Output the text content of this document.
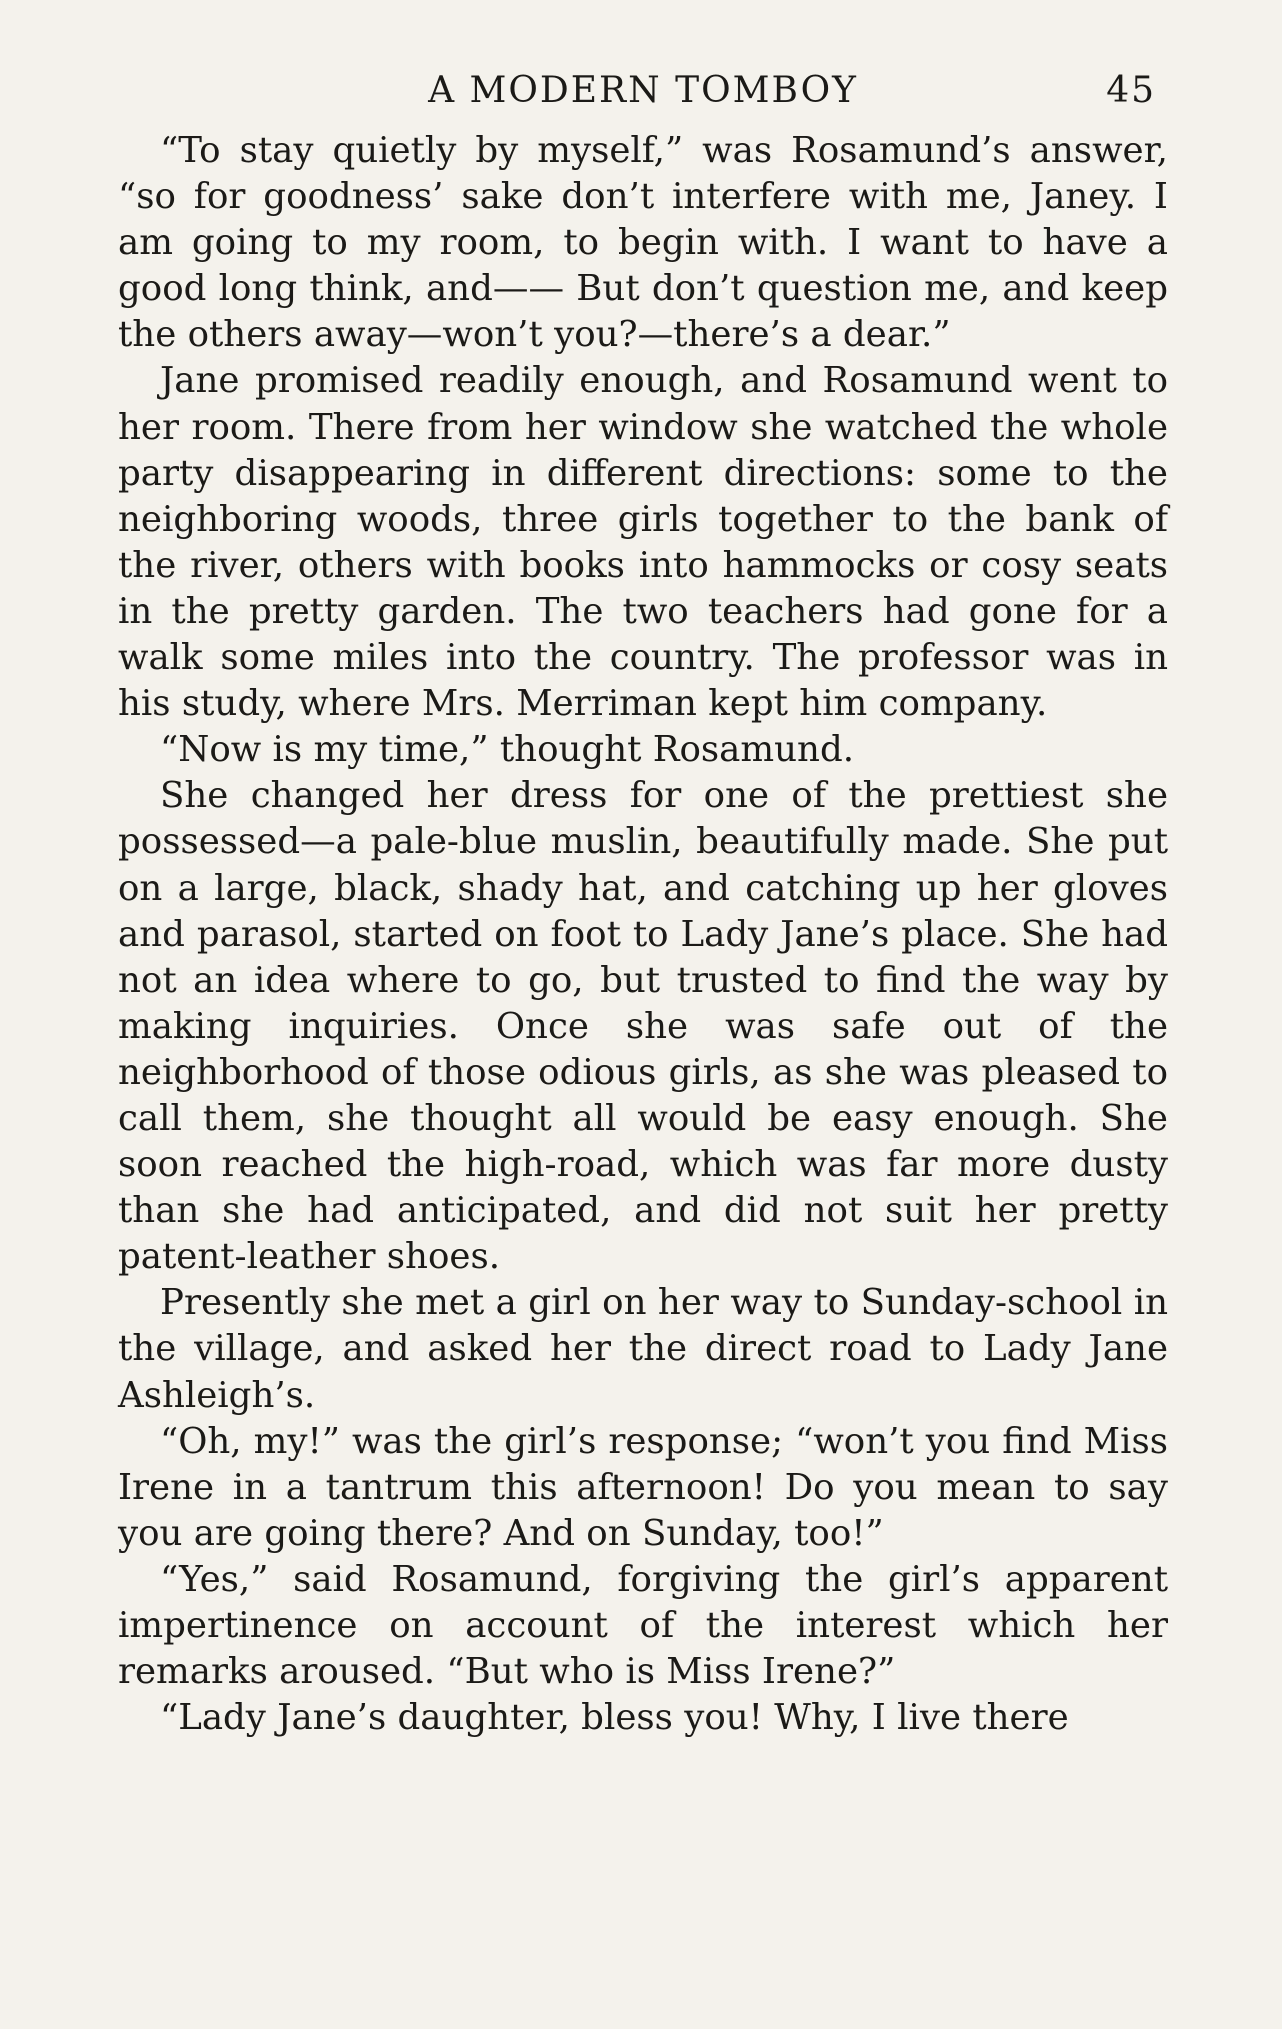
A MODERN TOMBOY	45

“To stay quietly by myself,” was Rosamund’s answer, “so for goodness’ sake don’t interfere with me, Janey. I am going to my room, to begin with. I want to have a good long think, and—— But don’t question me, and keep the others away—won’t you?—there’s a dear.”

Jane promised readily enough, and Rosamund went to her room. There from her window she watched the whole party disappearing in different directions: some to the neighboring woods, three girls together to the bank of the river, others with books into hammocks or cosy seats in the pretty garden. The two teachers had gone for a walk some miles into the country. The professor was in his study, where Mrs. Merriman kept him company.

“Now is my time,” thought Rosamund.

She changed her dress for one of the prettiest she possessed—a pale-blue muslin, beautifully made. She put on a large, black, shady hat, and catching up her gloves and parasol, started on foot to Lady Jane’s place. She had not an idea where to go, but trusted to find the way by making inquiries. Once she was safe out of the neighborhood of those odious girls, as she was pleased to call them, she thought all would be easy enough. She soon reached the high-road, which was far more dusty than she had anticipated, and did not suit her pretty patent-leather shoes.

Presently she met a girl on her way to Sunday-school in the village, and asked her the direct road to Lady Jane Ashleigh’s.

“Oh, my!” was the girl’s response; “won’t you find Miss Irene in a tantrum this afternoon! Do you mean to say you are going there? And on Sunday, too!”

“Yes,” said Rosamund, forgiving the girl’s apparent impertinence on account of the interest which her remarks aroused. “But who is Miss Irene?”

“Lady Jane’s daughter, bless you! Why, I live there
